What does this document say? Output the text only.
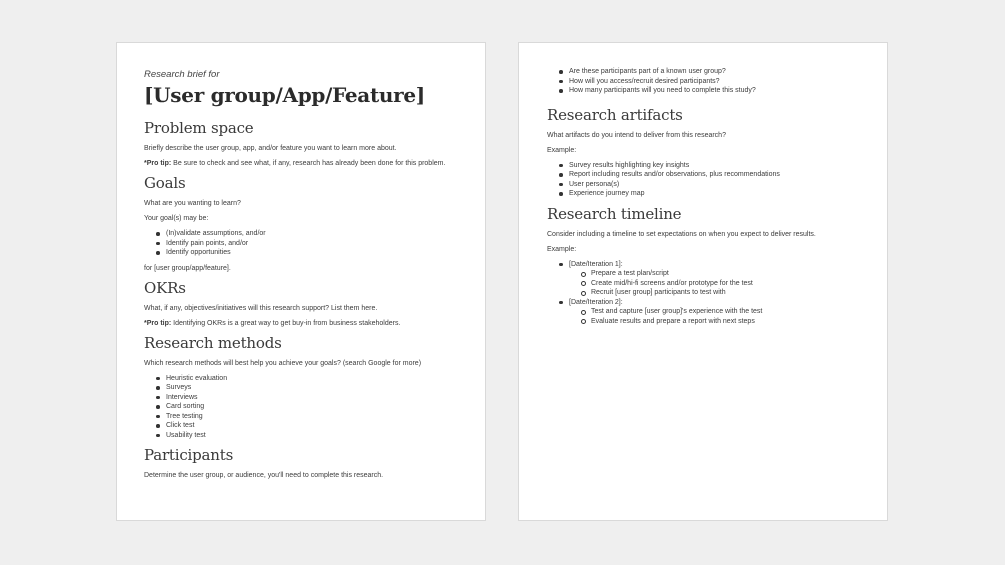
Research brief for
[User group/App/Feature]
Problem space

Briefly describe the user group, app, and/or feature you want to learn more about.

*Pro tip: Be sure to check and see what, if any, research has already been done for this problem.

Goals

What are you wanting to learn?

Your goal(s) may be:

(In)validate assumptions, and/or
Identify pain points, and/or
Identify opportunities

for [user group/app/feature].

OKRs

What, if any, objectives/initiatives will this research support? List them here.

*Pro tip: Identifying OKRs is a great way to get buy-in from business stakeholders.

Research methods

Which research methods will best help you achieve your goals? (search Google for more)

Heuristic evaluation
Surveys
Interviews
Card sorting
Tree testing
Click test
Usability test
Participants

Determine the user group, or audience, you'll need to complete this research.

Are these participants part of a known user group?
How will you access/recruit desired participants?
How many participants will you need to complete this study?
Research artifacts

What artifacts do you intend to deliver from this research?

Example:

Survey results highlighting key insights
Report including results and/or observations, plus recommendations
User persona(s)
Experience journey map
Research timeline

Consider including a timeline to set expectations on when you expect to deliver results.

Example:

[Date/Iteration 1]:
Prepare a test plan/script
Create mid/hi-fi screens and/or prototype for the test
Recruit [user group] participants to test with
[Date/Iteration 2]:
Test and capture [user group]'s experience with the test
Evaluate results and prepare a report with next steps
